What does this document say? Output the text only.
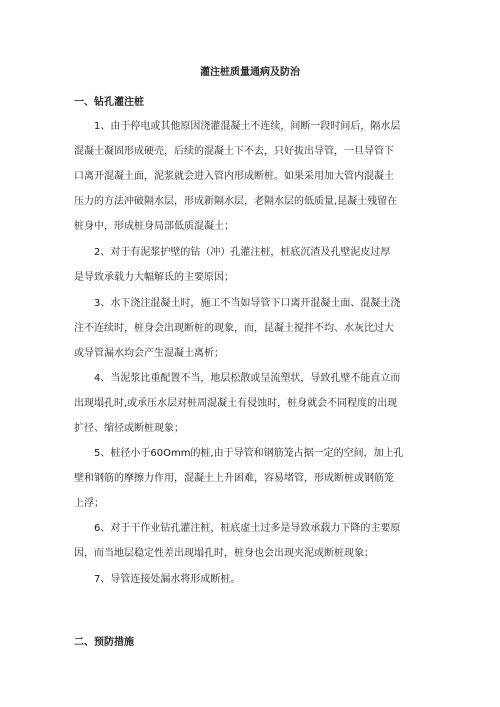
灌注桩质量通病及防治
一、钻孔灌注桩
1、由于停电或其他原因浇灌混凝土不连续，间断一段时间后，隔水层
混凝土凝固形成硬壳，后续的混凝土下不去，只好拔出导管，一旦导管下
口离开混凝土面，泥浆就会进入管内形成断桩。如果采用加大管内混凝土
压力的方法冲破隔水层，形成新隔水层，老隔水层的低质量,昆凝土残留在
桩身中，形成桩身局部低质混凝土；
2、对于有泥浆护壁的钻（冲）孔灌注桩，桩底沉渣及孔壁泥皮过厚
是导致承载力大幅解氐的主要原因；
3、水下浇注混凝土时，施工不当如导管下口离开混凝土面、混凝土浇
注不连续时，桩身会出现断桩的现象，而，昆凝土搅拌不均、水灰比过大
或导管漏水均会产生混凝土离析；
4、当泥浆比重配置不当，地层松散或呈流塑状，导致孔壁不能直立而
出现塌孔时,或承压水层对桩周混凝土有侵蚀时，桩身就会不同程度的出现
扩径、缩径或断桩现象；
5、桩径小于60Omm的桩,由于导管和钢筋笼占据一定的空间，加上孔
壁和钢筋的摩擦力作用，混凝土上升困难，容易堵管，形成断桩或钢筋笼
上浮；
6、对于干作业钻孔灌注桩，桩底虚土过多是导致承载力下降的主要原
因，而当地层稳定性差出现塌孔时，桩身也会出现夹泥或断桩现象；
7、导管连接处漏水将形成断桩。
二、预防措施
